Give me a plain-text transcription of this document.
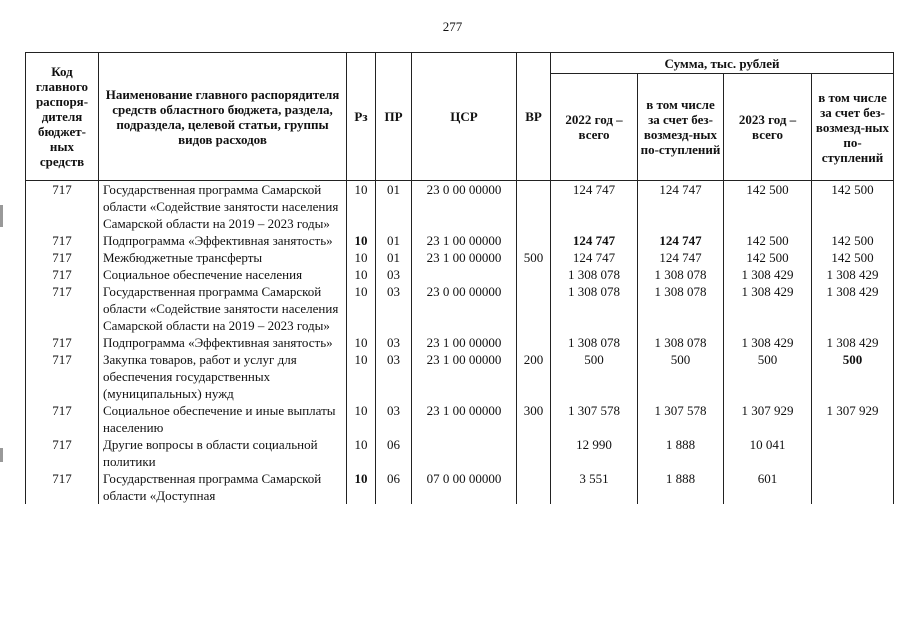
277
Код главного распоря-дителя бюджет-ных средств	Наименование главного распорядителя средств областного бюджета, раздела, подраздела, целевой статьи, группы видов расходов	Рз	ПР	ЦСР	ВР	Сумма, тыс. рублей			
						2022 год – всего	в том числе за счет без-возмезд-ных по-ступлений	2023 год – всего	в том числе за счет без-возмезд-ных по-ступлений
717	Государственная программа Самарской области «Содействие занятости населения Самарской области на 2019 – 2023 годы»	10	01	23 0 00 00000		124 747	124 747	142 500	142 500
717	Подпрограмма «Эффективная занятость»	10	01	23 1 00 00000		124 747	124 747	142 500	142 500
717	Межбюджетные трансферты	10	01	23 1 00 00000	500	124 747	124 747	142 500	142 500
717	Социальное обеспечение населения	10	03			1 308 078	1 308 078	1 308 429	1 308 429
717	Государственная программа Самарской области «Содействие занятости населения Самарской области на 2019 – 2023 годы»	10	03	23 0 00 00000		1 308 078	1 308 078	1 308 429	1 308 429
717	Подпрограмма «Эффективная занятость»	10	03	23 1 00 00000		1 308 078	1 308 078	1 308 429	1 308 429
717	Закупка товаров, работ и услуг для обеспечения государственных (муниципальных) нужд	10	03	23 1 00 00000	200	500	500	500	500
717	Социальное обеспечение и иные выплаты населению	10	03	23 1 00 00000	300	1 307 578	1 307 578	1 307 929	1 307 929
717	Другие вопросы в области социальной политики	10	06			12 990	1 888	10 041	
717	Государственная программа Самарской области «Доступная	10	06	07 0 00 00000		3 551	1 888	601	
